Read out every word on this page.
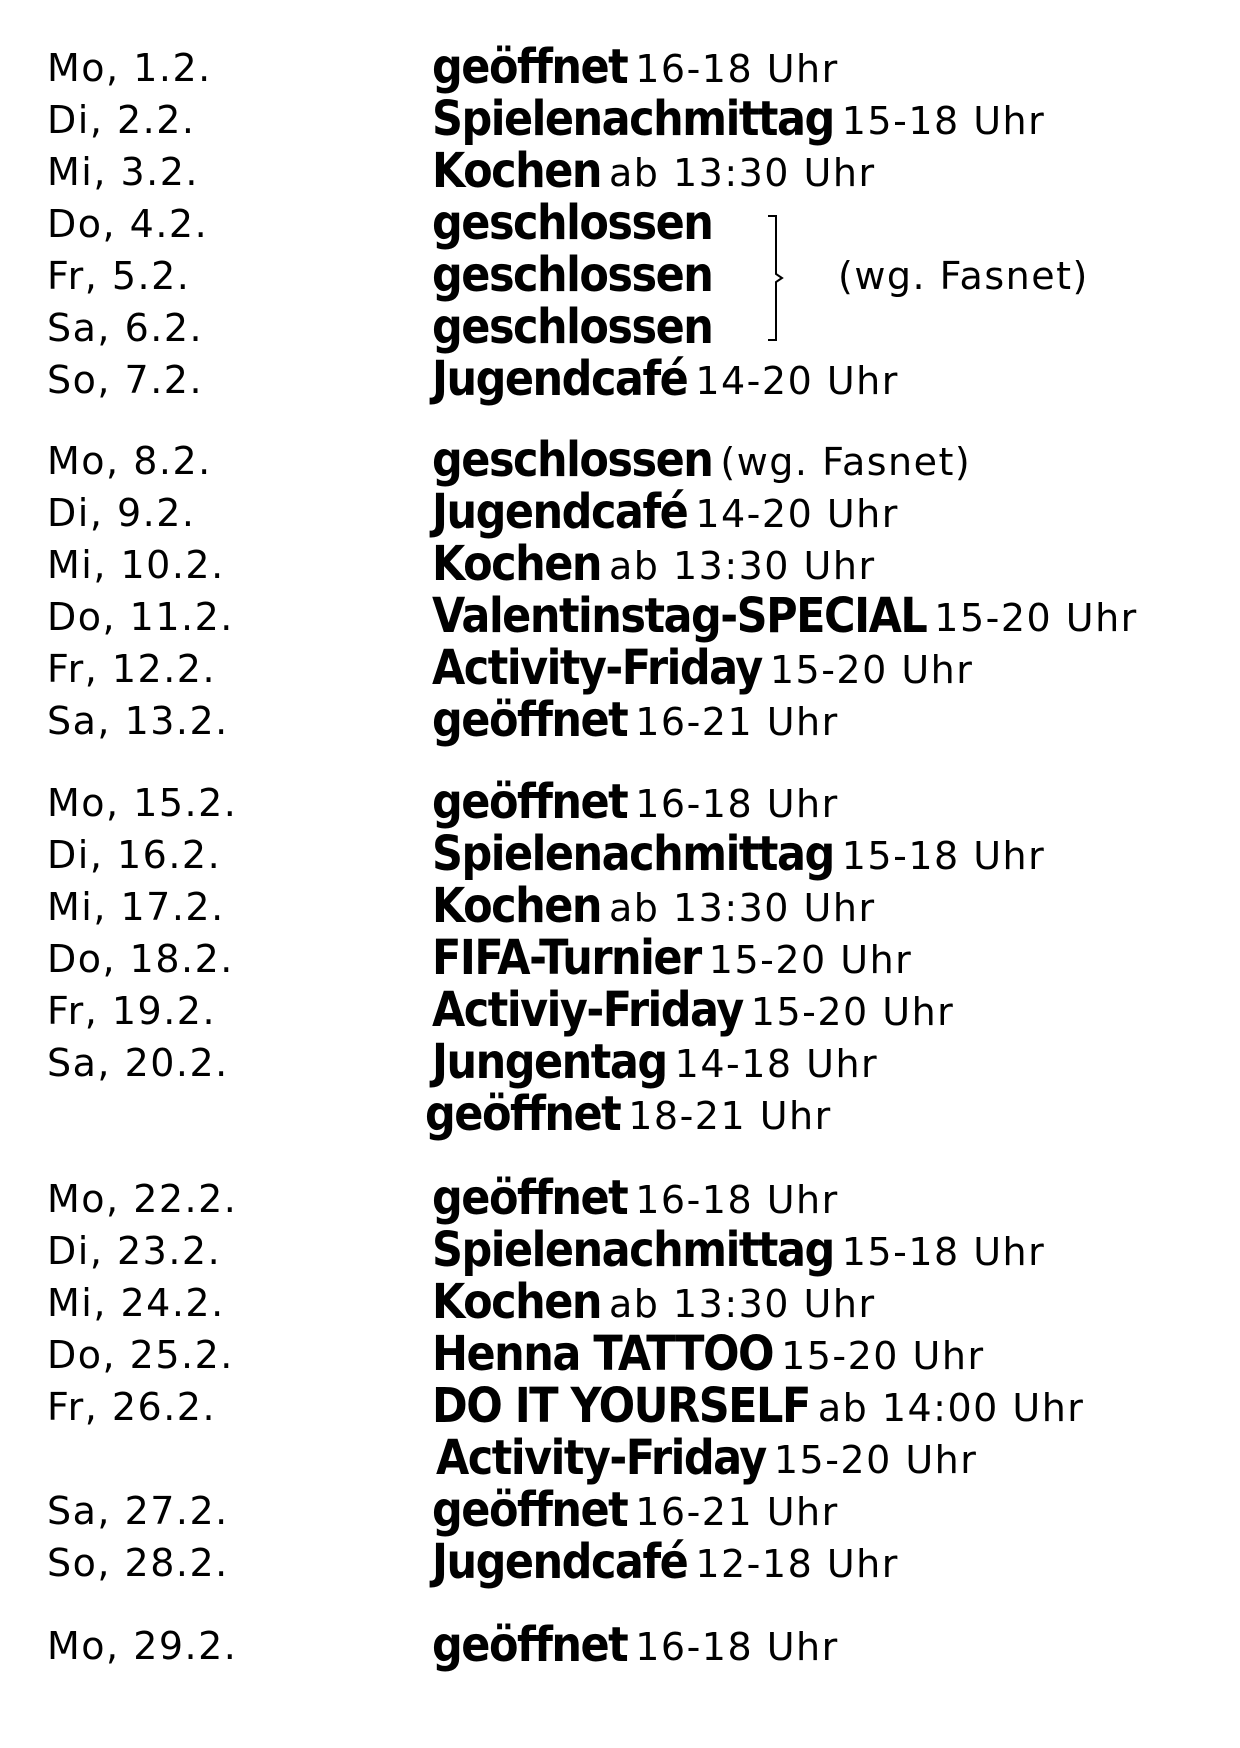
Mo, 1.2.	geöffnet 16-18 Uhr
Di, 2.2.	Spielenachmittag 15-18 Uhr
Mi, 3.2.	Kochen ab 13:30 Uhr
Do, 4.2.	geschlossen
Fr, 5.2.	geschlossen
Sa, 6.2.	geschlossen
(wg. Fasnet)
So, 7.2.	Jugendcafé 14-20 Uhr
Mo, 8.2.	geschlossen (wg. Fasnet)
Di, 9.2.	Jugendcafé 14-20 Uhr
Mi, 10.2.	Kochen ab 13:30 Uhr
Do, 11.2.	Valentinstag-SPECIAL 15-20 Uhr
Fr, 12.2.	Activity-Friday 15-20 Uhr
Sa, 13.2.	geöffnet 16-21 Uhr
Mo, 15.2.	geöffnet 16-18 Uhr
Di, 16.2.	Spielenachmittag 15-18 Uhr
Mi, 17.2.	Kochen ab 13:30 Uhr
Do, 18.2.	FIFA-Turnier 15-20 Uhr
Fr, 19.2.	Activiy-Friday 15-20 Uhr
Sa, 20.2.	Jungentag 14-18 Uhr
geöffnet 18-21 Uhr
Mo, 22.2.	geöffnet 16-18 Uhr
Di, 23.2.	Spielenachmittag 15-18 Uhr
Mi, 24.2.	Kochen ab 13:30 Uhr
Do, 25.2.	Henna TATTOO 15-20 Uhr
Fr, 26.2.	DO IT YOURSELF ab 14:00 Uhr
Activity-Friday 15-20 Uhr
Sa, 27.2.	geöffnet 16-21 Uhr
So, 28.2.	Jugendcafé 12-18 Uhr
Mo, 29.2.	geöffnet 16-18 Uhr
